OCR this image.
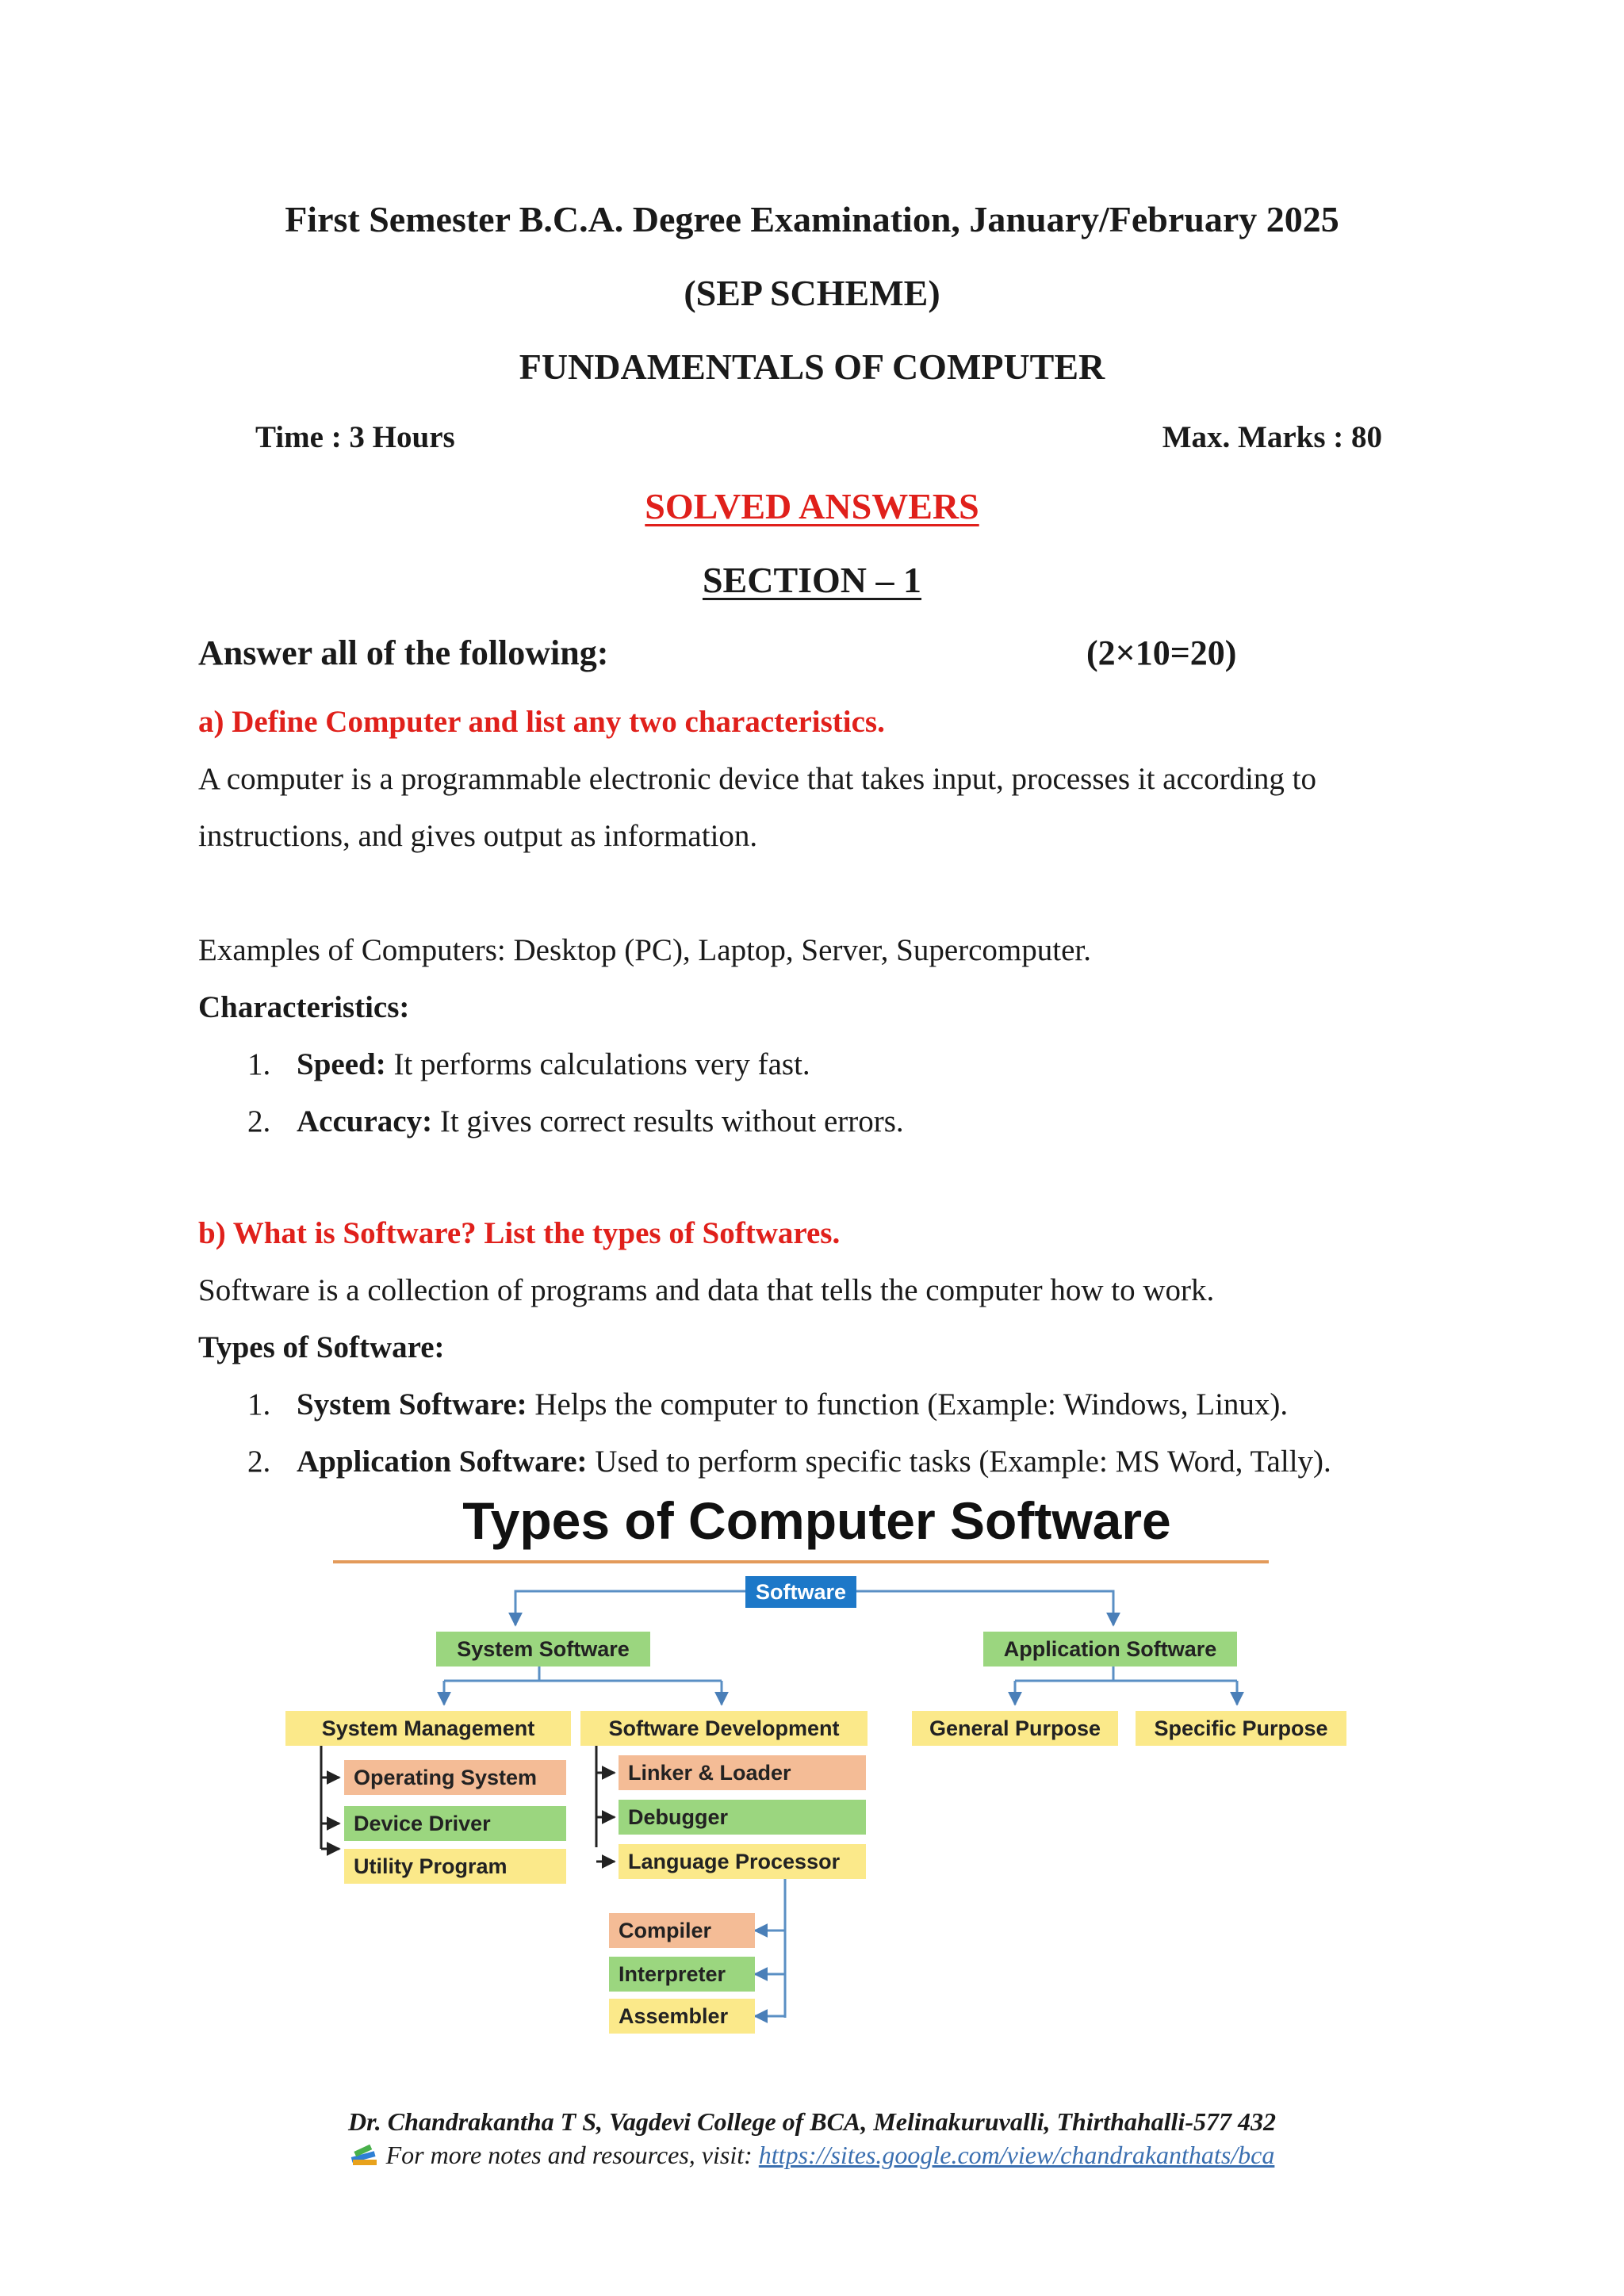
First Semester B.C.A. Degree Examination, January/February 2025
(SEP SCHEME)
FUNDAMENTALS OF COMPUTER
Time : 3 Hours	Max. Marks : 80
SOLVED ANSWERS
SECTION – 1
Answer all of the following:	(2×10=20)
a) Define Computer and list any two characteristics.
A computer is a programmable electronic device that takes input, processes it according to
instructions, and gives output as information.
Examples of Computers: Desktop (PC), Laptop, Server, Supercomputer.
Characteristics:
1. Speed: It performs calculations very fast.
2. Accuracy: It gives correct results without errors.
b) What is Software? List the types of Softwares.
Software is a collection of programs and data that tells the computer how to work.
Types of Software:
1. System Software: Helps the computer to function (Example: Windows, Linux).
2. Application Software: Used to perform specific tasks (Example: MS Word, Tally).
Types of Computer Software
Software
System Software	Application Software
System Management	Software Development	General Purpose	Specific Purpose
Operating System
Device Driver
Utility Program
Linker & Loader
Debugger
Language Processor
Compiler
Interpreter
Assembler
Dr. Chandrakantha T S, Vagdevi College of BCA, Melinakuruvalli, Thirthahalli-577 432
For more notes and resources, visit: https://sites.google.com/view/chandrakanthats/bca
